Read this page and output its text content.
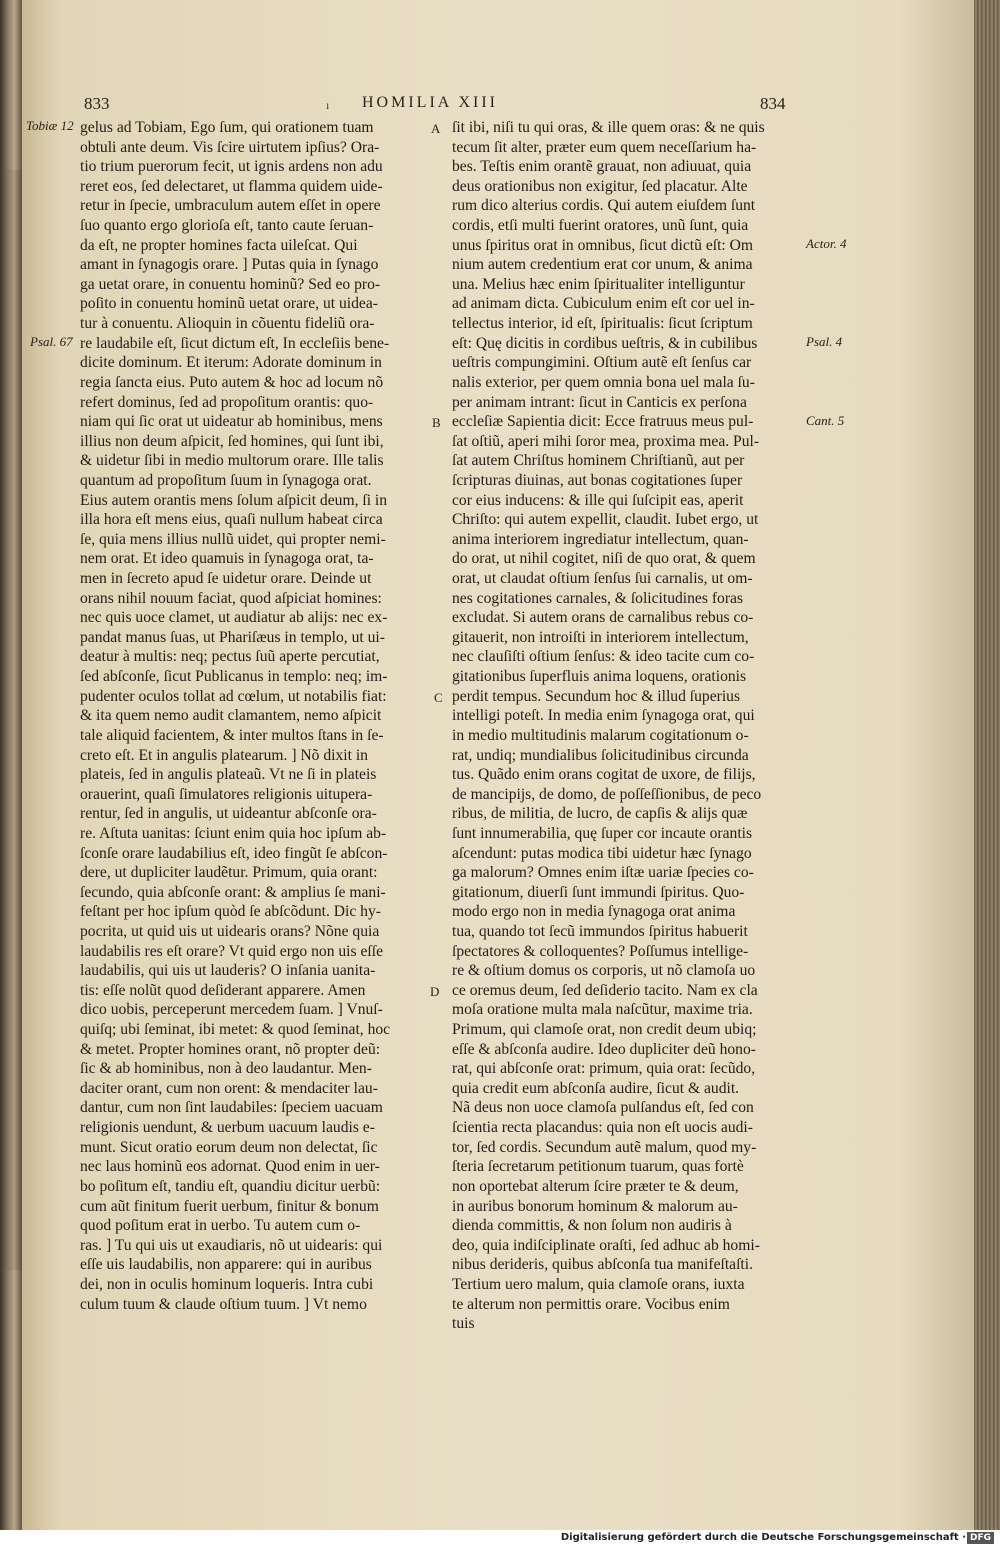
833	ı HOMILIA XIII	834
Tobiæ 12
Psal. 67
Actor. 4
Psal. 4
Cant. 5
A
B
C
D
gelus ad Tobiam, Ego ſum, qui orationem tuam
obtuli ante deum. Vis ſcire uirtutem ipſius? Ora-
tio trium puerorum fecit, ut ignis ardens non adu
reret eos, ſed delectaret, ut flamma quidem uide-
retur in ſpecie, umbraculum autem eſſet in opere
ſuo quanto ergo glorioſa eſt, tanto caute ſeruan-
da eſt, ne propter homines facta uileſcat. Qui
amant in ſynagogis orare. ] Putas quia in ſynago
ga uetat orare, in conuentu hominũ? Sed eo pro-
poſito in conuentu hominũ uetat orare, ut uidea-
tur à conuentu. Alioquin in cõuentu fideliũ ora-
re laudabile eſt, ſicut dictum eſt, In eccleſiis bene-
dicite dominum. Et iterum: Adorate dominum in
regia ſancta eius. Puto autem & hoc ad locum nõ
refert dominus, ſed ad propoſitum orantis: quo-
niam qui ſic orat ut uideatur ab hominibus, mens
illius non deum aſpicit, ſed homines, qui ſunt ibi,
& uidetur ſibi in medio multorum orare. Ille talis
quantum ad propoſitum ſuum in ſynagoga orat.
Eius autem orantis mens ſolum aſpicit deum, ſi in
illa hora eſt mens eius, quaſi nullum habeat circa
ſe, quia mens illius nullũ uidet, qui propter nemi-
nem orat. Et ideo quamuis in ſynagoga orat, ta-
men in ſecreto apud ſe uidetur orare. Deinde ut
orans nihil nouum faciat, quod aſpiciat homines:
nec quis uoce clamet, ut audiatur ab alijs: nec ex-
pandat manus ſuas, ut Phariſæus in templo, ut ui-
deatur à multis: neq; pectus ſuũ aperte percutiat,
ſed abſconſe, ſicut Publicanus in templo: neq; im-
pudenter oculos tollat ad cœlum, ut notabilis fiat:
& ita quem nemo audit clamantem, nemo aſpicit
tale aliquid facientem, & inter multos ſtans in ſe-
creto eſt. Et in angulis platearum. ] Nõ dixit in
plateis, ſed in angulis plateaũ. Vt ne ſi in plateis
orauerint, quaſi ſimulatores religionis uituperа-
rentur, ſed in angulis, ut uideantur abſconſe ora-
re. Aſtuta uanitas: ſciunt enim quia hoc ipſum ab-
ſconſe orare laudabilius eſt, ideo fingũt ſe abſcon-
dere, ut dupliciter laudẽtur. Primum, quia orant:
ſecundo, quia abſconſe orant: & amplius ſe mani-
feſtant per hoc ipſum quòd ſe abſcõdunt. Dic hy-
pocrita, ut quid uis ut uidearis orans? Nõne quia
laudabilis res eſt orare? Vt quid ergo non uis eſſe
laudabilis, qui uis ut lauderis? O inſania uanita-
tis: eſſe nolũt quod deſiderant apparere. Amen
dico uobis, perceperunt mercedem ſuam. ] Vnuſ-
quiſq; ubi ſeminat, ibi metet: & quod ſeminat, hoc
& metet. Propter homines orant, nõ propter deũ:
ſic & ab hominibus, non à deo laudantur. Men-
daciter orant, cum non orent: & mendaciter lau-
dantur, cum non ſint laudabiles: ſpeciem uacuam
religionis uendunt, & uerbum uacuum laudis e-
munt. Sicut oratio eorum deum non delectat, ſic
nec laus hominũ eos adornat. Quod enim in uer-
bo poſitum eſt, tandiu eſt, quandiu dicitur uerbũ:
cum aũt finitum fuerit uerbum, finitur & bonum
quod poſitum erat in uerbo. Tu autem cum o-
ras. ] Tu qui uis ut exaudiaris, nõ ut uidearis: qui
eſſe uis laudabilis, non apparere: qui in auribus
dei, non in oculis hominum loqueris. Intra cubi
culum tuum & claude oſtium tuum. ] Vt nemo
ſit ibi, niſi tu qui oras, & ille quem oras: & ne quis
tecum ſit alter, præter eum quem neceſſarium ha-
bes. Teſtis enim orantẽ grauat, non adiuuat, quia
deus orationibus non exigitur, ſed placatur. Alte
rum dico alterius cordis. Qui autem eiuſdem ſunt
cordis, etſi multi fuerint oratores, unũ ſunt, quia
unus ſpiritus orat in omnibus, ſicut dictũ eſt: Om
nium autem credentium erat cor unum, & anima
una. Melius hæc enim ſpiritualiter intelliguntur
ad animam dicta. Cubiculum enim eſt cor uel in-
tellectus interior, id eſt, ſpiritualis: ſicut ſcriptum
eſt: Quę dicitis in cordibus ueſtris, & in cubilibus
ueſtris compungimini. Oſtium autẽ eſt ſenſus car
nalis exterior, per quem omnia bona uel mala ſu-
per animam intrant: ſicut in Canticis ex perſona
eccleſiæ Sapientia dicit: Ecce fratruus meus pul-
ſat oſtiũ, aperi mihi ſoror mea, proxima mea. Pul-
ſat autem Chriſtus hominem Chriſtianũ, aut per
ſcripturas diuinas, aut bonas cogitationes ſuper
cor eius inducens: & ille qui ſuſcipit eas, aperit
Chriſto: qui autem expellit, claudit. Iubet ergo, ut
anima interiorem ingrediatur intellectum, quan-
do orat, ut nihil cogitet, niſi de quo orat, & quem
orat, ut claudat oſtium ſenſus ſui carnalis, ut om-
nes cogitationes carnales, & ſolicitudines foras
excludat. Si autem orans de carnalibus rebus co-
gitauerit, non introiſti in interiorem intellectum,
nec clauſiſti oſtium ſenſus: & ideo tacite cum co-
gitationibus ſuperfluis anima loquens, orationis
perdit tempus. Secundum hoc & illud ſuperius
intelligi poteſt. In media enim ſynagoga orat, qui
in medio multitudinis malarum cogitationum o-
rat, undiq; mundialibus ſolicitudinibus circunda
tus. Quãdo enim orans cogitat de uxore, de filijs,
de mancipijs, de domo, de poſſeſſionibus, de peco
ribus, de militia, de lucro, de capſis & alijs quæ
ſunt innumerabilia, quę ſuper cor incaute orantis
aſcendunt: putas modica tibi uidetur hæc ſynago
ga malorum? Omnes enim iſtæ uariæ ſpecies co-
gitationum, diuerſi ſunt immundi ſpiritus. Quo-
modo ergo non in media ſynagoga orat anima
tua, quando tot ſecũ immundos ſpiritus habuerit
ſpectatores & colloquentes? Poſſumus intellige-
re & oſtium domus os corporis, ut nõ clamoſa uo
ce oremus deum, ſed deſiderio tacito. Nam ex cla
moſa oratione multa mala naſcũtur, maxime tria.
Primum, qui clamoſe orat, non credit deum ubiq;
eſſe & abſconſa audire. Ideo dupliciter deũ hono-
rat, qui abſconſe orat: primum, quia orat: ſecũdo,
quia credit eum abſconſa audire, ſicut & audit.
Nã deus non uoce clamoſa pulſandus eſt, ſed con
ſcientia recta placandus: quia non eſt uocis audi-
tor, ſed cordis. Secundum autẽ malum, quod my-
ſteria ſecretarum petitionum tuarum, quas fortè
non oportebat alterum ſcire præter te & deum,
in auribus bonorum hominum & malorum au-
dienda committis, & non ſolum non audiris à
deo, quia indiſciplinate oraſti, ſed adhuc ab homi-
nibus derideris, quibus abſconſa tua manifeſtaſti.
Tertium uero malum, quia clamoſe orans, iuxta
te alterum non permittis orare. Vocibus enim
tuis
Digitalisierung gefördert durch die Deutsche Forschungsgemeinschaft · DFG
